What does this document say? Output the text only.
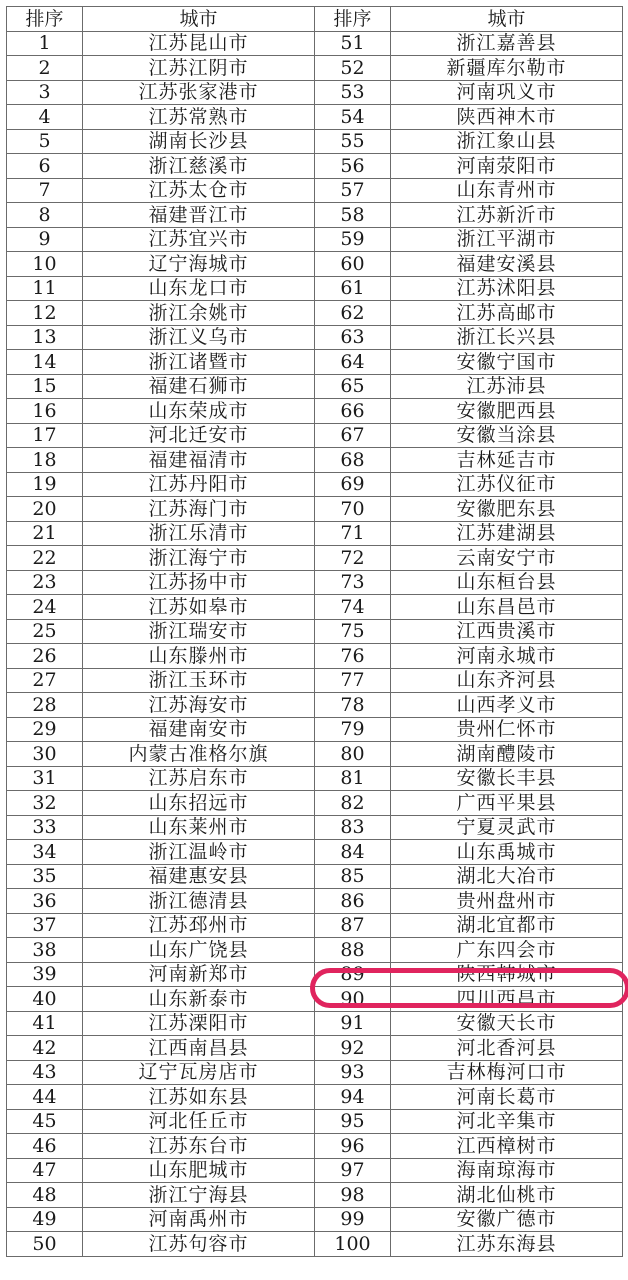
排序	城市	排序	城市
1	江苏昆山市	51	浙江嘉善县
2	江苏江阴市	52	新疆库尔勒市
3	江苏张家港市	53	河南巩义市
4	江苏常熟市	54	陕西神木市
5	湖南长沙县	55	浙江象山县
6	浙江慈溪市	56	河南荥阳市
7	江苏太仓市	57	山东青州市
8	福建晋江市	58	江苏新沂市
9	江苏宜兴市	59	浙江平湖市
10	辽宁海城市	60	福建安溪县
11	山东龙口市	61	江苏沭阳县
12	浙江余姚市	62	江苏高邮市
13	浙江义乌市	63	浙江长兴县
14	浙江诸暨市	64	安徽宁国市
15	福建石狮市	65	江苏沛县
16	山东荣成市	66	安徽肥西县
17	河北迁安市	67	安徽当涂县
18	福建福清市	68	吉林延吉市
19	江苏丹阳市	69	江苏仪征市
20	江苏海门市	70	安徽肥东县
21	浙江乐清市	71	江苏建湖县
22	浙江海宁市	72	云南安宁市
23	江苏扬中市	73	山东桓台县
24	江苏如皋市	74	山东昌邑市
25	浙江瑞安市	75	江西贵溪市
26	山东滕州市	76	河南永城市
27	浙江玉环市	77	山东齐河县
28	江苏海安市	78	山西孝义市
29	福建南安市	79	贵州仁怀市
30	内蒙古准格尔旗	80	湖南醴陵市
31	江苏启东市	81	安徽长丰县
32	山东招远市	82	广西平果县
33	山东莱州市	83	宁夏灵武市
34	浙江温岭市	84	山东禹城市
35	福建惠安县	85	湖北大冶市
36	浙江德清县	86	贵州盘州市
37	江苏邳州市	87	湖北宜都市
38	山东广饶县	88	广东四会市
39	河南新郑市	89	陕西韩城市
40	山东新泰市	90	四川西昌市
41	江苏溧阳市	91	安徽天长市
42	江西南昌县	92	河北香河县
43	辽宁瓦房店市	93	吉林梅河口市
44	江苏如东县	94	河南长葛市
45	河北任丘市	95	河北辛集市
46	江苏东台市	96	江西樟树市
47	山东肥城市	97	海南琼海市
48	浙江宁海县	98	湖北仙桃市
49	河南禹州市	99	安徽广德市
50	江苏句容市	100	江苏东海县
